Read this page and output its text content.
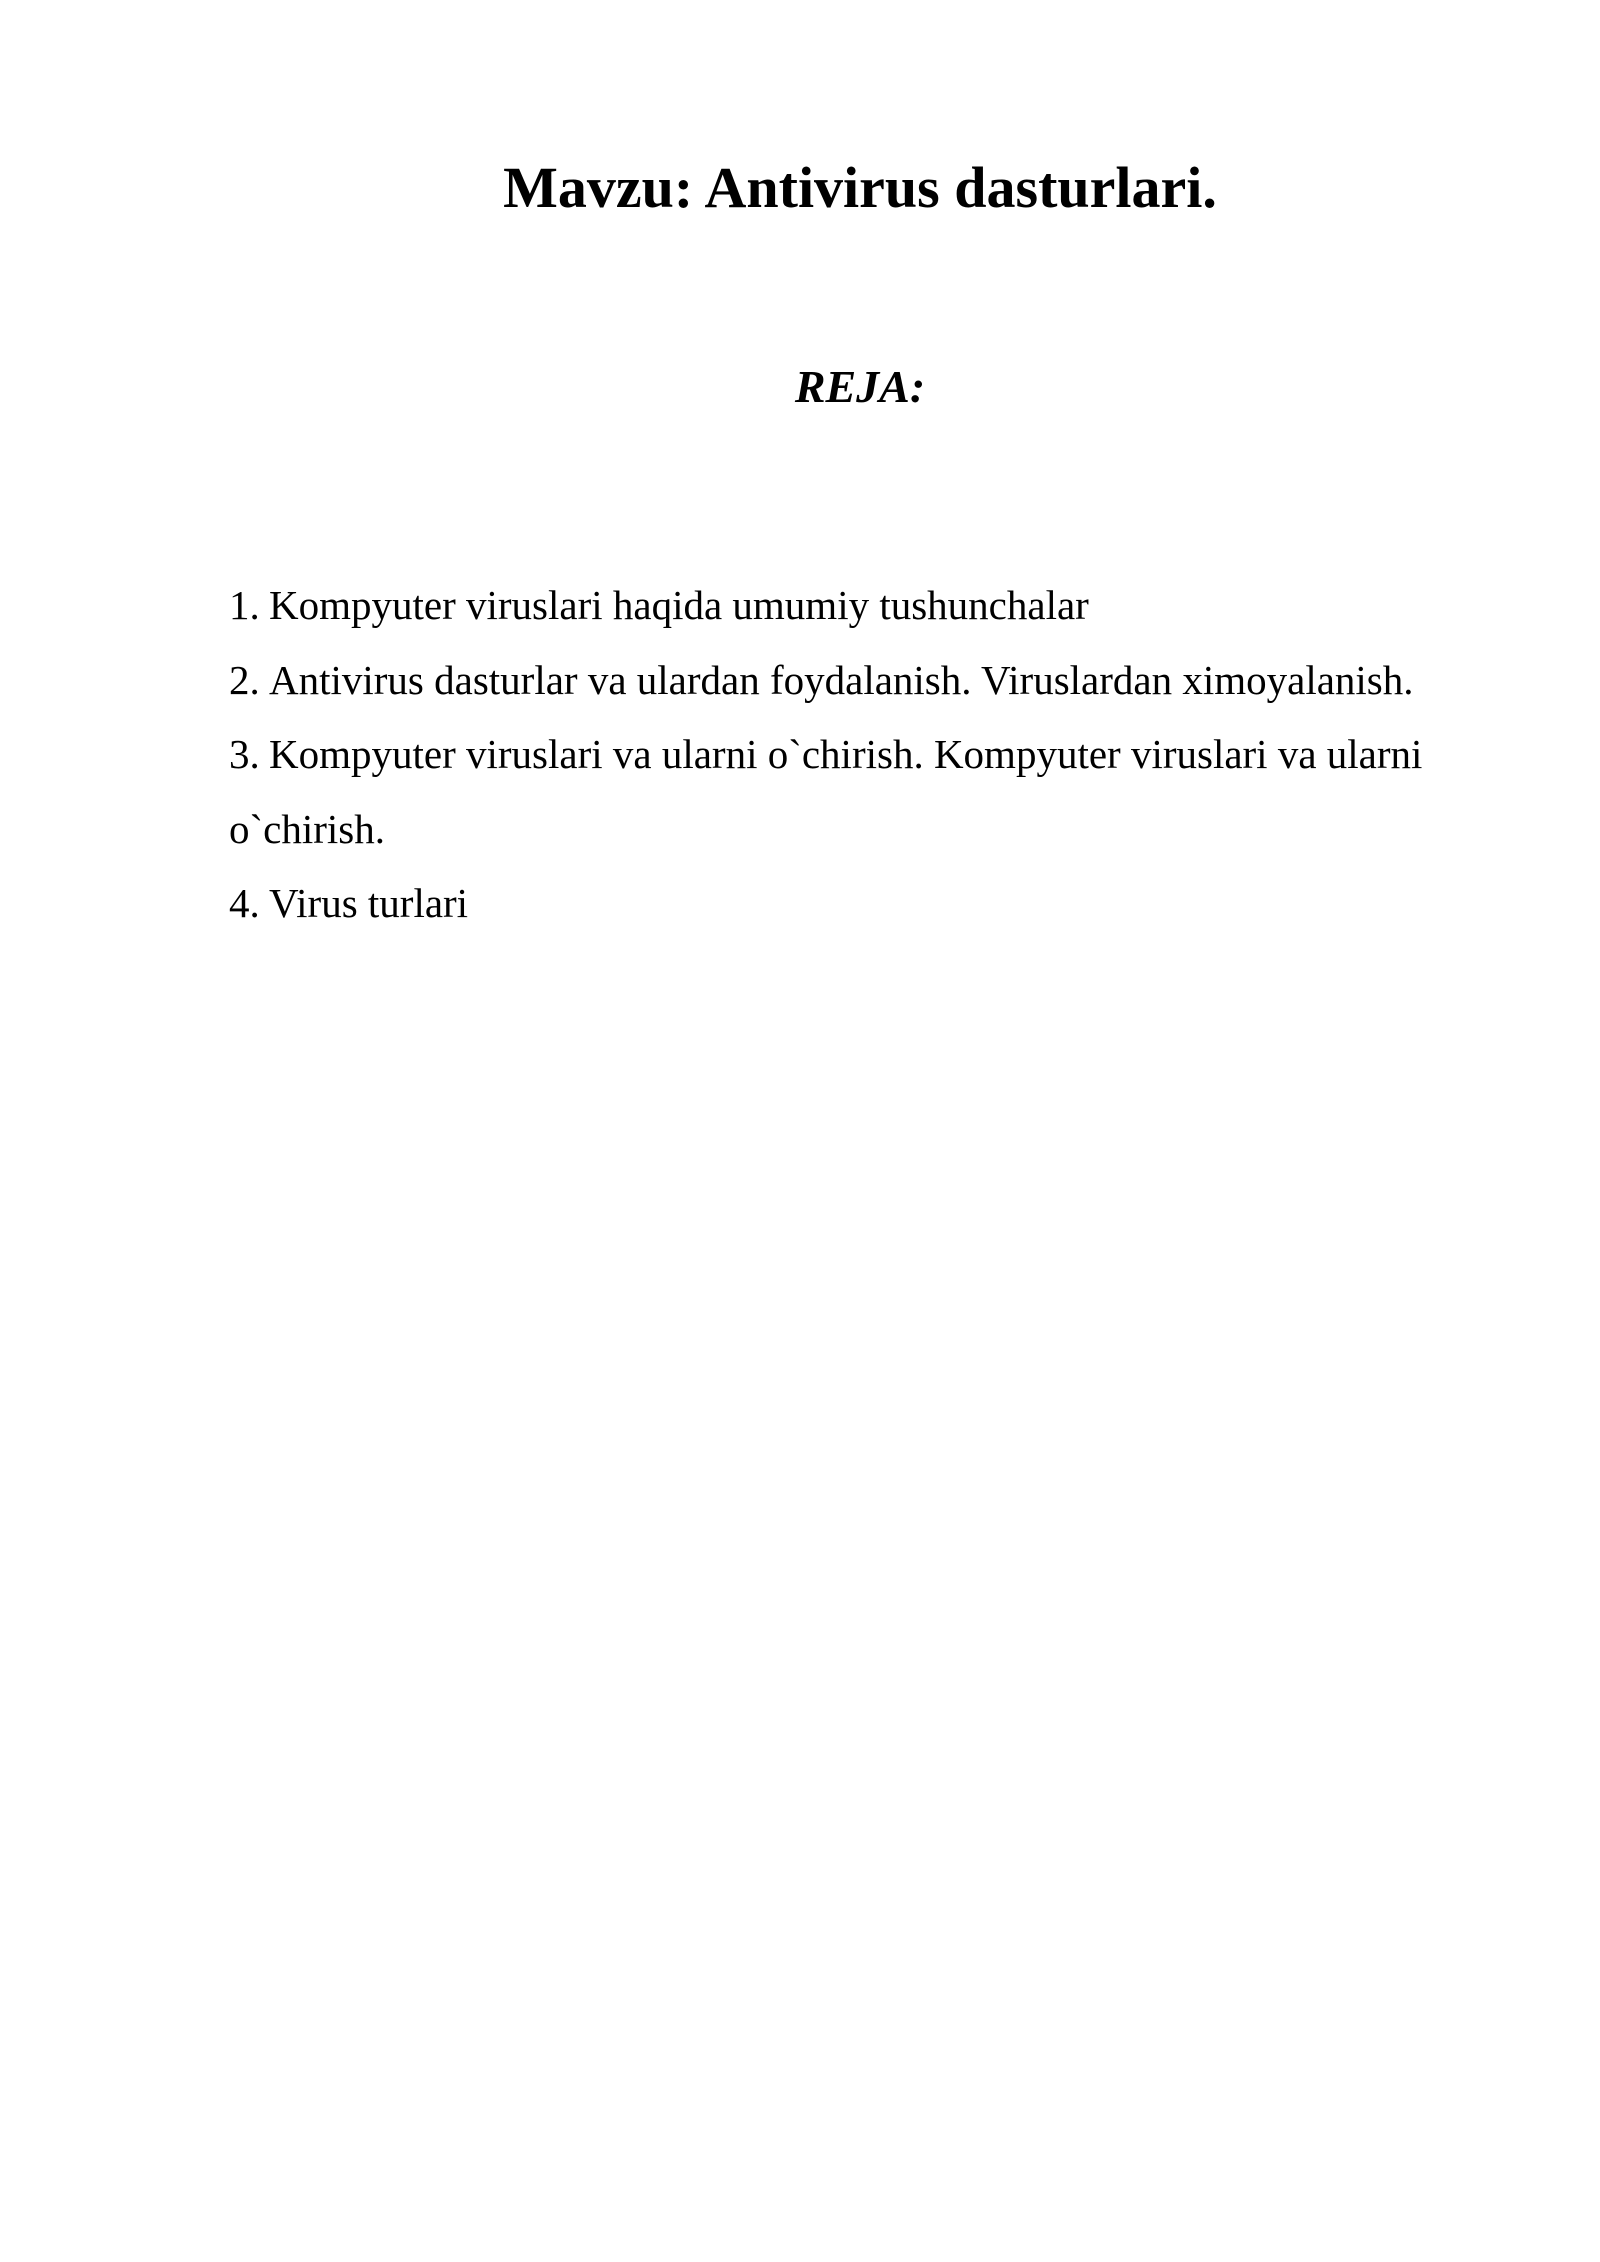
Mavzu: Antivirus dasturlari.
REJA:
1. Kompyuter viruslari haqida umumiy tushunchalar
2. Antivirus dasturlar va ulardan foydalanish. Viruslardan ximoyalanish.
3. Kompyuter viruslari va ularni o`chirish. Kompyuter viruslari va ularni
o`chirish.
4. Virus turlari
